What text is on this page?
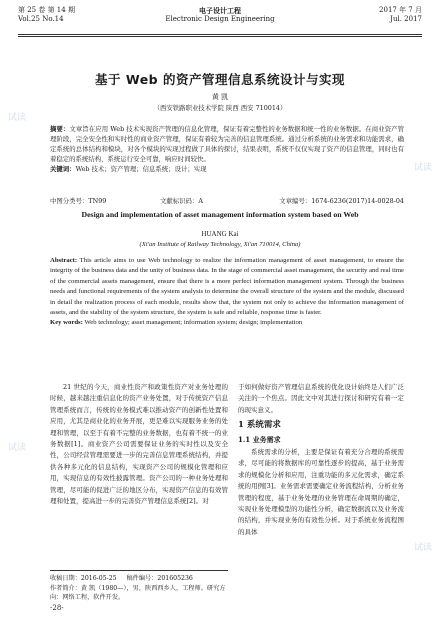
试读
试读
试读
试读
第 25 卷 第 14 期
Vol.25 No.14
电子设计工程
Electronic Design Engineering
2017 年 7 月
Jul. 2017
基于 Web 的资产管理信息系统设计与实现
黄 凯
（西安铁路职业技术学院 陕西 西安 710014）
摘要：文章旨在应用 Web 技术实现资产管理的信息化管理，保证有着完整性的业务数据和统一性的业务数据。在商业资产管理阶段，完全安全性和实时性的商业资产管理，保证有着较为完善的信息管理系统。通过分析系统的业务需求和功能需求，确定系统的总体结构和模块，对各个模块的实现过程做了具体的探讨，结果表明，系统不仅仅实现了资产的信息管理，同时也有着稳定的系统结构，系统运行安全可靠，响应时间较快。
关键词：Web 技术；资产管理；信息系统；设计；实现
中图分类号：TN99	文献标识码：A	文章编号：1674-6236(2017)14-0028-04
Design and implementation of asset management information system based on Web
HUANG Kai
(Xi'an Institute of Railway Technology, Xi'an 710014, China)
Abstract: This article aims to use Web technology to realize the information management of asset management, to ensure the integrity of the business data and the unity of business data. In the stage of commercial asset management, the security and real time of the commercial assets management, ensure that there is a more perfect information management system. Through the business needs and functional requirements of the system analysis to determine the overall structure of the system and the module, discussed in detail the realization process of each module, results show that, the system not only to achieve the information management of assets, and the stability of the system structure, the system is safe and reliable, response time is faster.
Key words: Web technology; asset management; information system; design; implementation
21 世纪的今天，商业性资产和政策性资产对业务处理的时候，越来越注重信息化的资产业务处置，对于传统资产信息管理系统而言，传统的业务模式难以推动资产的创新性处置和应用，尤其是商业化的业务开展，更是难以实现服务业务的处理和管理，以至于有着不完整的业务数据，也有着不统一的业务数据[1]。商业资产公司需要保证业务的实时性以及安全性，公司经营管理需要进一步的完善信息管理系统结构，并提供各种多元化的信息结构，实现资产公司的规模化管理和应用，实现信息的有效性披露管理。资产公司的一种业务处理和管理，尽可能的促进广泛的地区分布，实现资产信息的有效管理和处置，提高进一步的完善资产管理信息系统[2]。对
于如何做好资产管理信息系统的优化设计始终是人们广泛关注的一个焦点。因此文中对其进行探讨和研究有着一定的现实意义。
1 系统需求
1.1 业务需求
系统需求的分析，主要是保证有着充分合理的系统需求，尽可能的将数据库的可靠性逐步的提高，基于业务需求的规模化分析和应用，注重功能的多元化需求，确定系统的用例[3]。业务需求需要确定业务流程结构，分析业务管理的程度，基于业务处理的业务管理在命周期的确定，实现业务处理模型的功能性分析，确定数据流以及业务流的结构，并实现业务的有效性分析。对于系统业务流程图的具体
收稿日期：2016-05-25 稿件编号：201605236
作者简介：黄 凯（1980—），男，陕西西乡人，工程师。研究方向：网络工程，软件开发。
-28-
